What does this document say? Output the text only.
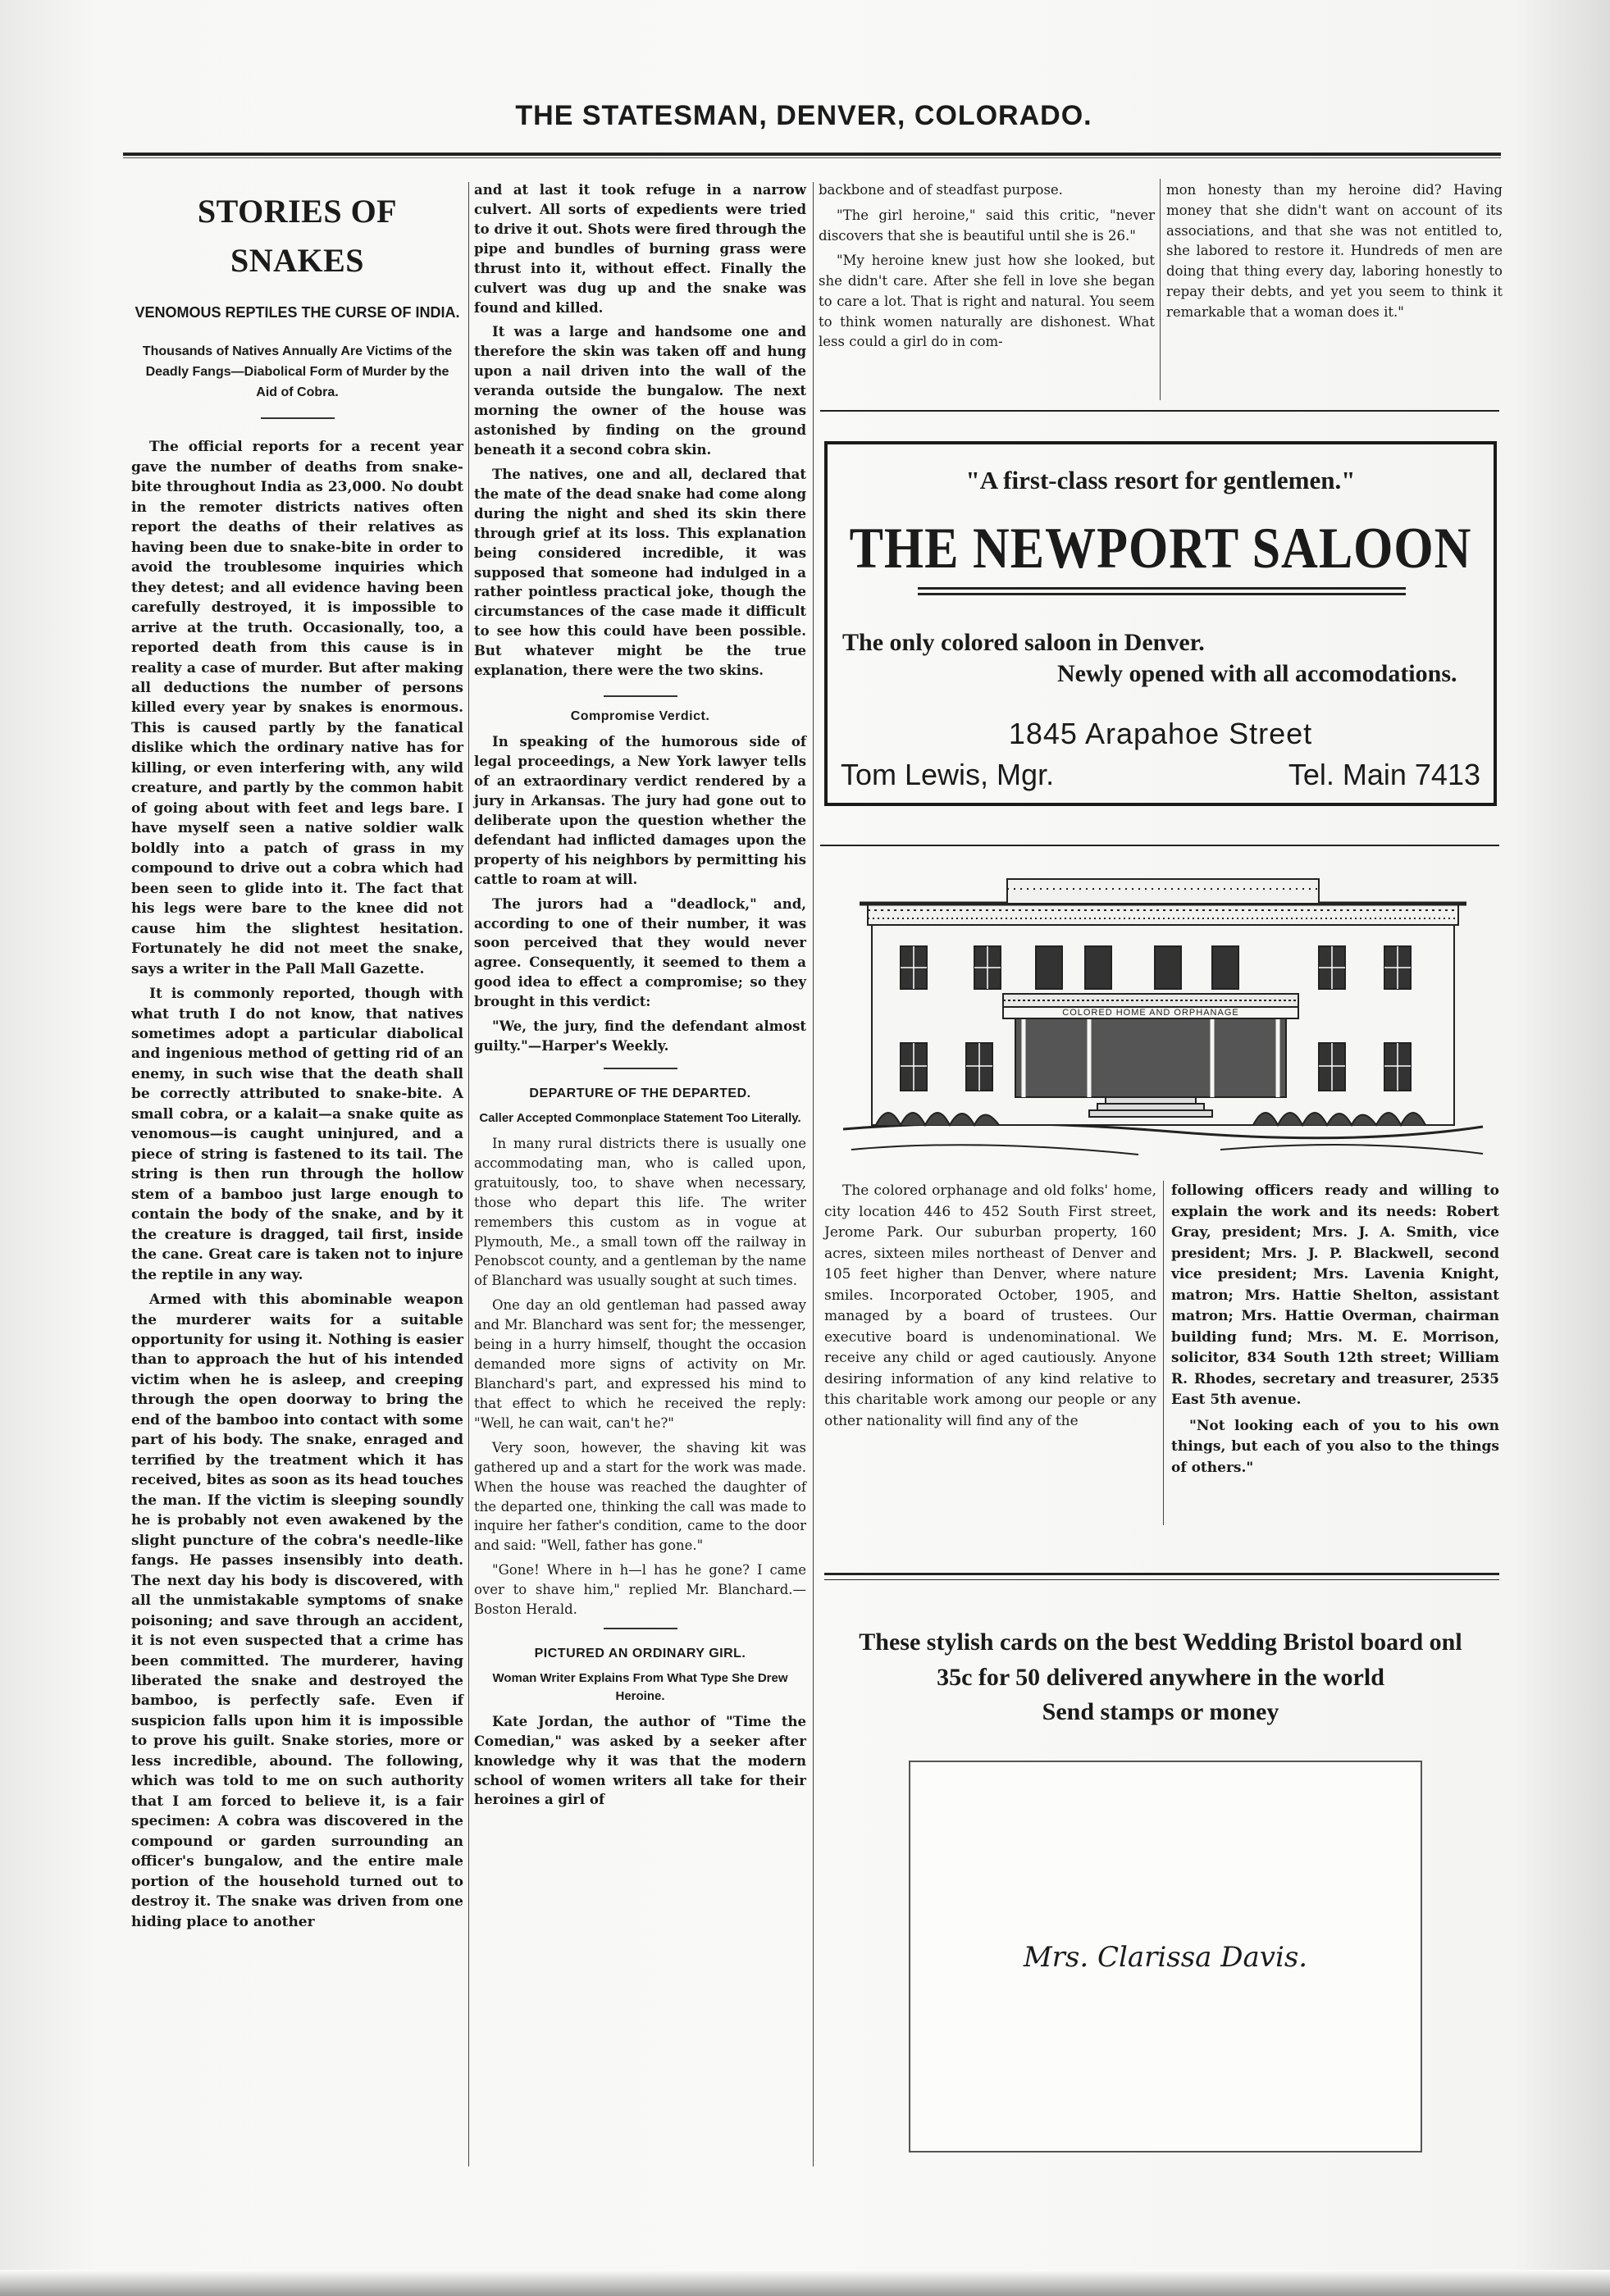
THE STATESMAN, DENVER, COLORADO.
STORIES OF SNAKES
VENOMOUS REPTILES THE CURSE OF INDIA.
Thousands of Natives Annually Are Victims of the Deadly Fangs—Diabolical Form of Murder by the Aid of Cobra.

The official reports for a recent year gave the number of deaths from snake-bite throughout India as 23,000. No doubt in the remoter districts natives often report the deaths of their relatives as having been due to snake-bite in order to avoid the troublesome inquiries which they detest; and all evidence having been carefully destroyed, it is impossible to arrive at the truth. Occasionally, too, a reported death from this cause is in reality a case of murder. But after making all deductions the number of persons killed every year by snakes is enormous. This is caused partly by the fanatical dislike which the ordinary native has for killing, or even interfering with, any wild creature, and partly by the common habit of going about with feet and legs bare. I have myself seen a native soldier walk boldly into a patch of grass in my compound to drive out a cobra which had been seen to glide into it. The fact that his legs were bare to the knee did not cause him the slightest hesitation. Fortunately he did not meet the snake, says a writer in the Pall Mall Gazette.

It is commonly reported, though with what truth I do not know, that natives sometimes adopt a particular diabolical and ingenious method of getting rid of an enemy, in such wise that the death shall be correctly attributed to snake-bite. A small cobra, or a kalait—a snake quite as venomous—is caught uninjured, and a piece of string is fastened to its tail. The string is then run through the hollow stem of a bamboo just large enough to contain the body of the snake, and by it the creature is dragged, tail first, inside the cane. Great care is taken not to injure the reptile in any way.

Armed with this abominable weapon the murderer waits for a suitable opportunity for using it. Nothing is easier than to approach the hut of his intended victim when he is asleep, and creeping through the open doorway to bring the end of the bamboo into contact with some part of his body. The snake, enraged and terrified by the treatment which it has received, bites as soon as its head touches the man. If the victim is sleeping soundly he is probably not even awakened by the slight puncture of the cobra's needle-like fangs. He passes insensibly into death. The next day his body is discovered, with all the unmistakable symptoms of snake poisoning; and save through an accident, it is not even suspected that a crime has been committed. The murderer, having liberated the snake and destroyed the bamboo, is perfectly safe. Even if suspicion falls upon him it is impossible to prove his guilt. Snake stories, more or less incredible, abound. The following, which was told to me on such authority that I am forced to believe it, is a fair specimen: A cobra was discovered in the compound or garden surrounding an officer's bungalow, and the entire male portion of the household turned out to destroy it. The snake was driven from one hiding place to another

and at last it took refuge in a narrow culvert. All sorts of expedients were tried to drive it out. Shots were fired through the pipe and bundles of burning grass were thrust into it, without effect. Finally the culvert was dug up and the snake was found and killed.

It was a large and handsome one and therefore the skin was taken off and hung upon a nail driven into the wall of the veranda outside the bungalow. The next morning the owner of the house was astonished by finding on the ground beneath it a second cobra skin.

The natives, one and all, declared that the mate of the dead snake had come along during the night and shed its skin there through grief at its loss. This explanation being considered incredible, it was supposed that someone had indulged in a rather pointless practical joke, though the circumstances of the case made it difficult to see how this could have been possible. But whatever might be the true explanation, there were the two skins.

Compromise Verdict.

In speaking of the humorous side of legal proceedings, a New York lawyer tells of an extraordinary verdict rendered by a jury in Arkansas. The jury had gone out to deliberate upon the question whether the defendant had inflicted damages upon the property of his neighbors by permitting his cattle to roam at will.

The jurors had a "deadlock," and, according to one of their number, it was soon perceived that they would never agree. Consequently, it seemed to them a good idea to effect a compromise; so they brought in this verdict:

"We, the jury, find the defendant almost guilty."—Harper's Weekly.

DEPARTURE OF THE DEPARTED.
Caller Accepted Commonplace Statement Too Literally.

In many rural districts there is usually one accommodating man, who is called upon, gratuitously, too, to shave when necessary, those who depart this life. The writer remembers this custom as in vogue at Plymouth, Me., a small town off the railway in Penobscot county, and a gentleman by the name of Blanchard was usually sought at such times.

One day an old gentleman had passed away and Mr. Blanchard was sent for; the messenger, being in a hurry himself, thought the occasion demanded more signs of activity on Mr. Blanchard's part, and expressed his mind to that effect to which he received the reply: "Well, he can wait, can't he?"

Very soon, however, the shaving kit was gathered up and a start for the work was made. When the house was reached the daughter of the departed one, thinking the call was made to inquire her father's condition, came to the door and said: "Well, father has gone."

"Gone! Where in h—l has he gone? I came over to shave him," replied Mr. Blanchard.—Boston Herald.

PICTURED AN ORDINARY GIRL.
Woman Writer Explains From What Type She Drew Heroine.

Kate Jordan, the author of "Time the Comedian," was asked by a seeker after knowledge why it was that the modern school of women writers all take for their heroines a girl of

backbone and of steadfast purpose.

"The girl heroine," said this critic, "never discovers that she is beautiful until she is 26."

"My heroine knew just how she looked, but she didn't care. After she fell in love she began to care a lot. That is right and natural. You seem to think women naturally are dishonest. What less could a girl do in com-

mon honesty than my heroine did? Having money that she didn't want on account of its associations, and that she was not entitled to, she labored to restore it. Hundreds of men are doing that thing every day, laboring honestly to repay their debts, and yet you seem to think it remarkable that a woman does it."

"A first-class resort for gentlemen."
THE NEWPORT SALOON
The only colored saloon in Denver.
Newly opened with all accomodations.
1845 Arapahoe Street
Tom Lewis, Mgr.	Tel. Main 7413
COLORED HOME AND ORPHANAGE

The colored orphanage and old folks' home, city location 446 to 452 South First street, Jerome Park. Our suburban property, 160 acres, sixteen miles northeast of Denver and 105 feet higher than Denver, where nature smiles. Incorporated October, 1905, and managed by a board of trustees. Our executive board is undenominational. We receive any child or aged cautiously. Anyone desiring information of any kind relative to this charitable work among our people or any other nationality will find any of the

following officers ready and willing to explain the work and its needs: Robert Gray, president; Mrs. J. A. Smith, vice president; Mrs. J. P. Blackwell, second vice president; Mrs. Lavenia Knight, matron; Mrs. Hattie Shelton, assistant matron; Mrs. Hattie Overman, chairman building fund; Mrs. M. E. Morrison, solicitor, 834 South 12th street; William R. Rhodes, secretary and treasurer, 2535 East 5th avenue.

"Not looking each of you to his own things, but each of you also to the things of others."

These stylish cards on the best Wedding Bristol board onl
35c for 50 delivered anywhere in the world
Send stamps or money
Mrs. Clarissa Davis.
